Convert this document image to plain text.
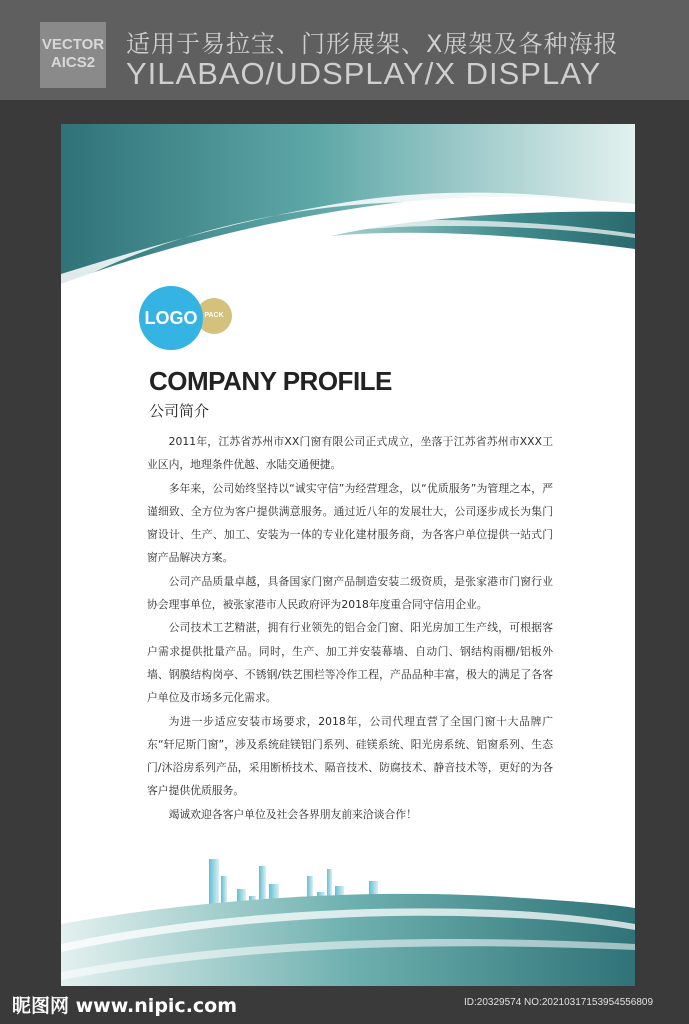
VECTOR
AICS2
适用于易拉宝、门形展架、X展架及各种海报
YILABAO/UDSPLAY/X DISPLAY
PACK
LOGO
COMPANY PROFILE
公司简介

2011年，江苏省苏州市XX门窗有限公司正式成立，坐落于江苏省苏州市XXX工业区内，地理条件优越、水陆交通便捷。

多年来，公司始终坚持以“诚实守信”为经营理念，以“优质服务”为管理之本，严谨细致、全方位为客户提供满意服务。通过近八年的发展壮大，公司逐步成长为集门窗设计、生产、加工、安装为一体的专业化建材服务商，为各客户单位提供一站式门窗产品解决方案。

公司产品质量卓越，具备国家门窗产品制造安装二级资质，是张家港市门窗行业协会理事单位，被张家港市人民政府评为2018年度重合同守信用企业。

公司技术工艺精湛，拥有行业领先的铝合金门窗、阳光房加工生产线，可根据客户需求提供批量产品。同时，生产、加工并安装幕墙、自动门、钢结构雨棚/铝板外墙、钢膜结构岗亭、不锈钢/铁艺围栏等冷作工程，产品品种丰富，极大的满足了各客户单位及市场多元化需求。

为进一步适应安装市场要求，2018年，公司代理直营了全国门窗十大品牌广东“轩尼斯门窗”，涉及系统硅镁铝门系列、硅镁系统、阳光房系统、铝窗系列、生态门/沐浴房系列产品，采用断桥技术、隔音技术、防腐技术、静音技术等，更好的为各客户提供优质服务。

竭诚欢迎各客户单位及社会各界朋友前来洽谈合作！

昵图网 www.nipic.com	ID:20329574 NO:20210317153954556809
